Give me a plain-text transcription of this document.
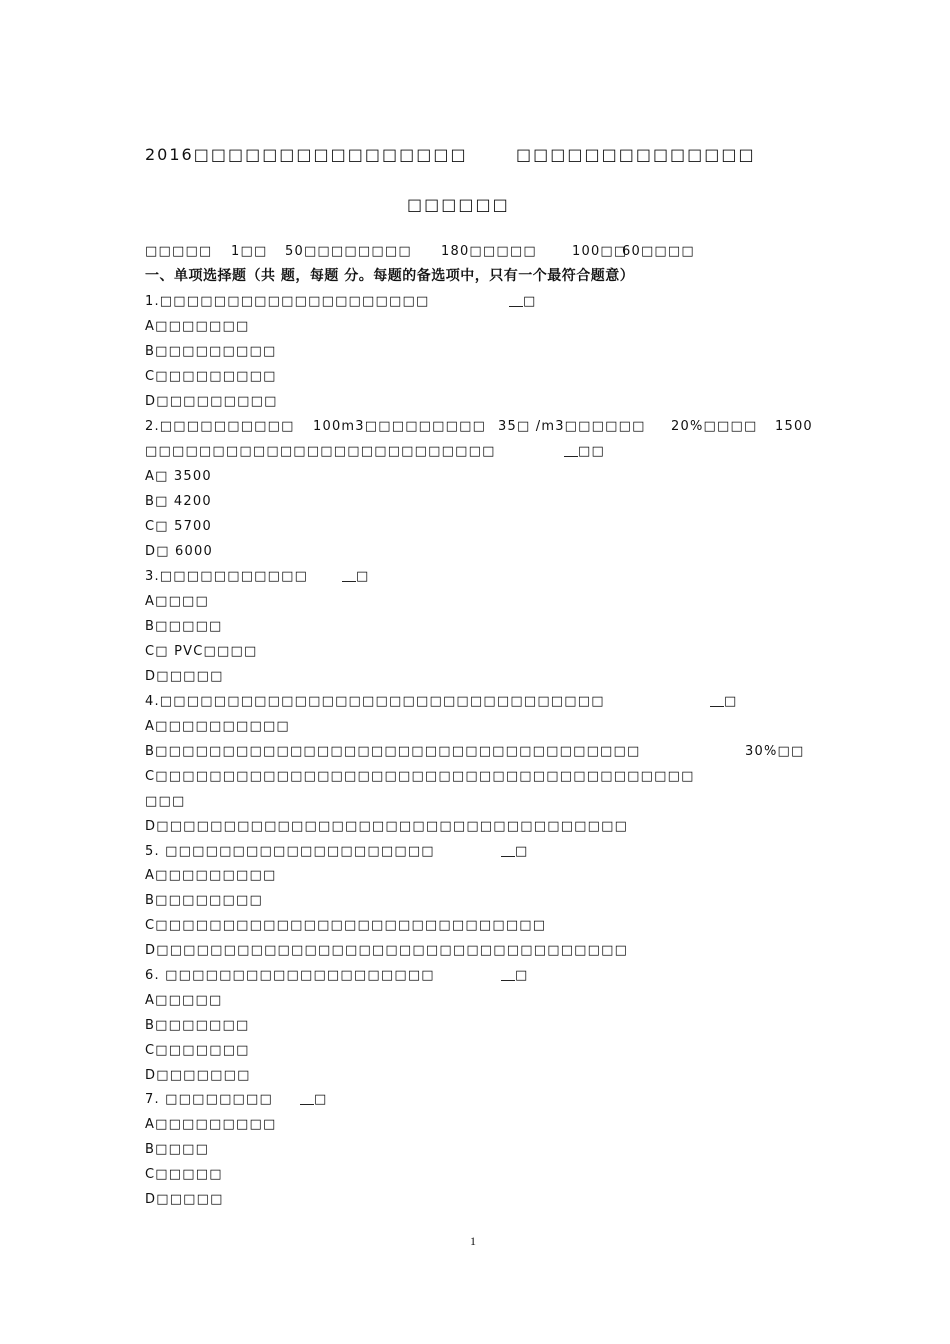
2016□□□□□□□□□□□□□□□□	□□□□□□□□□□□□□□
□□□□□□
□□□□□ 1□□ 50□□□□□□□□ 180□□□□□	100□□
60□□□□
一、单项选择题（共 题，每题 分。每题的备选项中，只有一个最符合题意）
1.□□□□□□□□□□□□□□□□□□□□	□
A□□□□□□□
B□□□□□□□□□
C□□□□□□□□□
D□□□□□□□□□
2.□□□□□□□□□□ 100m3□□□□□□□□□ 35□ /m3□□□□□□ 20%□□□□ 1500
□□□□□□□□□□□□□□□□□□□□□□□□□□	□□
A□ 3500
B□ 4200
C□ 5700
D□ 6000
3.□□□□□□□□□□□	□
A□□□□
B□□□□□
C□ PVC□□□□
D□□□□□
4.□□□□□□□□□□□□□□□□□□□□□□□□□□□□□□□□□	□
A□□□□□□□□□□
B□□□□□□□□□□□□□□□□□□□□□□□□□□□□□□□□□□□□	30%□□
C□□□□□□□□□□□□□□□□□□□□□□□□□□□□□□□□□□□□□□□□
□□□
D□□□□□□□□□□□□□□□□□□□□□□□□□□□□□□□□□□□
5. □□□□□□□□□□□□□□□□□□□□	□
A□□□□□□□□□
B□□□□□□□□
C□□□□□□□□□□□□□□□□□□□□□□□□□□□□□
D□□□□□□□□□□□□□□□□□□□□□□□□□□□□□□□□□□□
6. □□□□□□□□□□□□□□□□□□□□	□
A□□□□□
B□□□□□□□
C□□□□□□□
D□□□□□□□
7. □□□□□□□□	□
A□□□□□□□□□
B□□□□
C□□□□□
D□□□□□
1
